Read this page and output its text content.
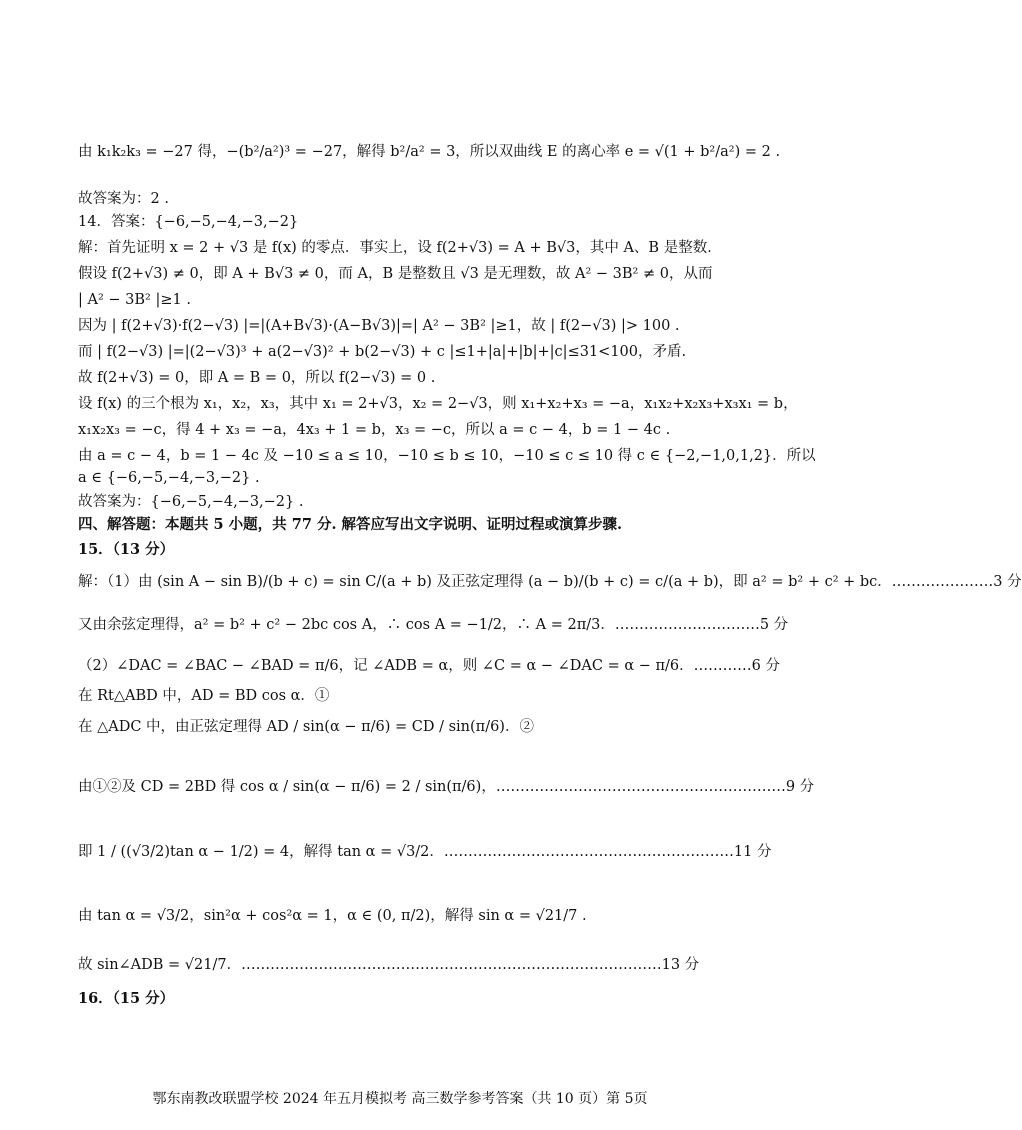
由 k₁k₂k₃ = −27 得，−(b²/a²)³ = −27，解得 b²/a² = 3，所以双曲线 E 的离心率 e = √(1 + b²/a²) = 2 .
故答案为：2 .
14．答案：{−6,−5,−4,−3,−2}
解：首先证明 x = 2 + √3 是 f(x) 的零点．事实上，设 f(2+√3) = A + B√3，其中 A、B 是整数．
假设 f(2+√3) ≠ 0，即 A + B√3 ≠ 0，而 A，B 是整数且 √3 是无理数，故 A² − 3B² ≠ 0，从而
| A² − 3B² |≥1 .
因为 | f(2+√3)·f(2−√3) |=|(A+B√3)·(A−B√3)|=| A² − 3B² |≥1，故 | f(2−√3) |> 100 .
而 | f(2−√3) |=|(2−√3)³ + a(2−√3)² + b(2−√3) + c |≤1+|a|+|b|+|c|≤31<100，矛盾.
故 f(2+√3) = 0，即 A = B = 0，所以 f(2−√3) = 0 .
设 f(x) 的三个根为 x₁，x₂，x₃，其中 x₁ = 2+√3，x₂ = 2−√3，则 x₁+x₂+x₃ = −a，x₁x₂+x₂x₃+x₃x₁ = b，
x₁x₂x₃ = −c，得 4 + x₃ = −a，4x₃ + 1 = b，x₃ = −c，所以 a = c − 4，b = 1 − 4c .
由 a = c − 4，b = 1 − 4c 及 −10 ≤ a ≤ 10，−10 ≤ b ≤ 10，−10 ≤ c ≤ 10 得 c ∈ {−2,−1,0,1,2}．所以
a ∈ {−6,−5,−4,−3,−2} .
故答案为：{−6,−5,−4,−3,−2} .
四、解答题：本题共 5 小题，共 77 分. 解答应写出文字说明、证明过程或演算步骤.
15．（13 分）
解：（1）由 (sin A − sin B)/(b + c) = sin C/(a + b) 及正弦定理得 (a − b)/(b + c) = c/(a + b)，即 a² = b² + c² + bc．…………………3 分
又由余弦定理得，a² = b² + c² − 2bc cos A，∴ cos A = −1/2，∴ A = 2π/3．…………………………5 分
（2）∠DAC = ∠BAC − ∠BAD = π/6，记 ∠ADB = α，则 ∠C = α − ∠DAC = α − π/6．…………6 分
在 Rt△ABD 中，AD = BD cos α．①
在 △ADC 中，由正弦定理得 AD / sin(α − π/6) = CD / sin(π/6)．②
由①②及 CD = 2BD 得 cos α / sin(α − π/6) = 2 / sin(π/6)，……………………………………………………9 分
即 1 / ((√3/2)tan α − 1/2) = 4，解得 tan α = √3/2．……………………………………………………11 分
由 tan α = √3/2，sin²α + cos²α = 1，α ∈ (0, π/2)，解得 sin α = √21/7 .
故 sin∠ADB = √21/7．……………………………………………………………………………13 分
16．（15 分）
鄂东南教改联盟学校 2024 年五月模拟考 高三数学参考答案（共 10 页）第 5页
